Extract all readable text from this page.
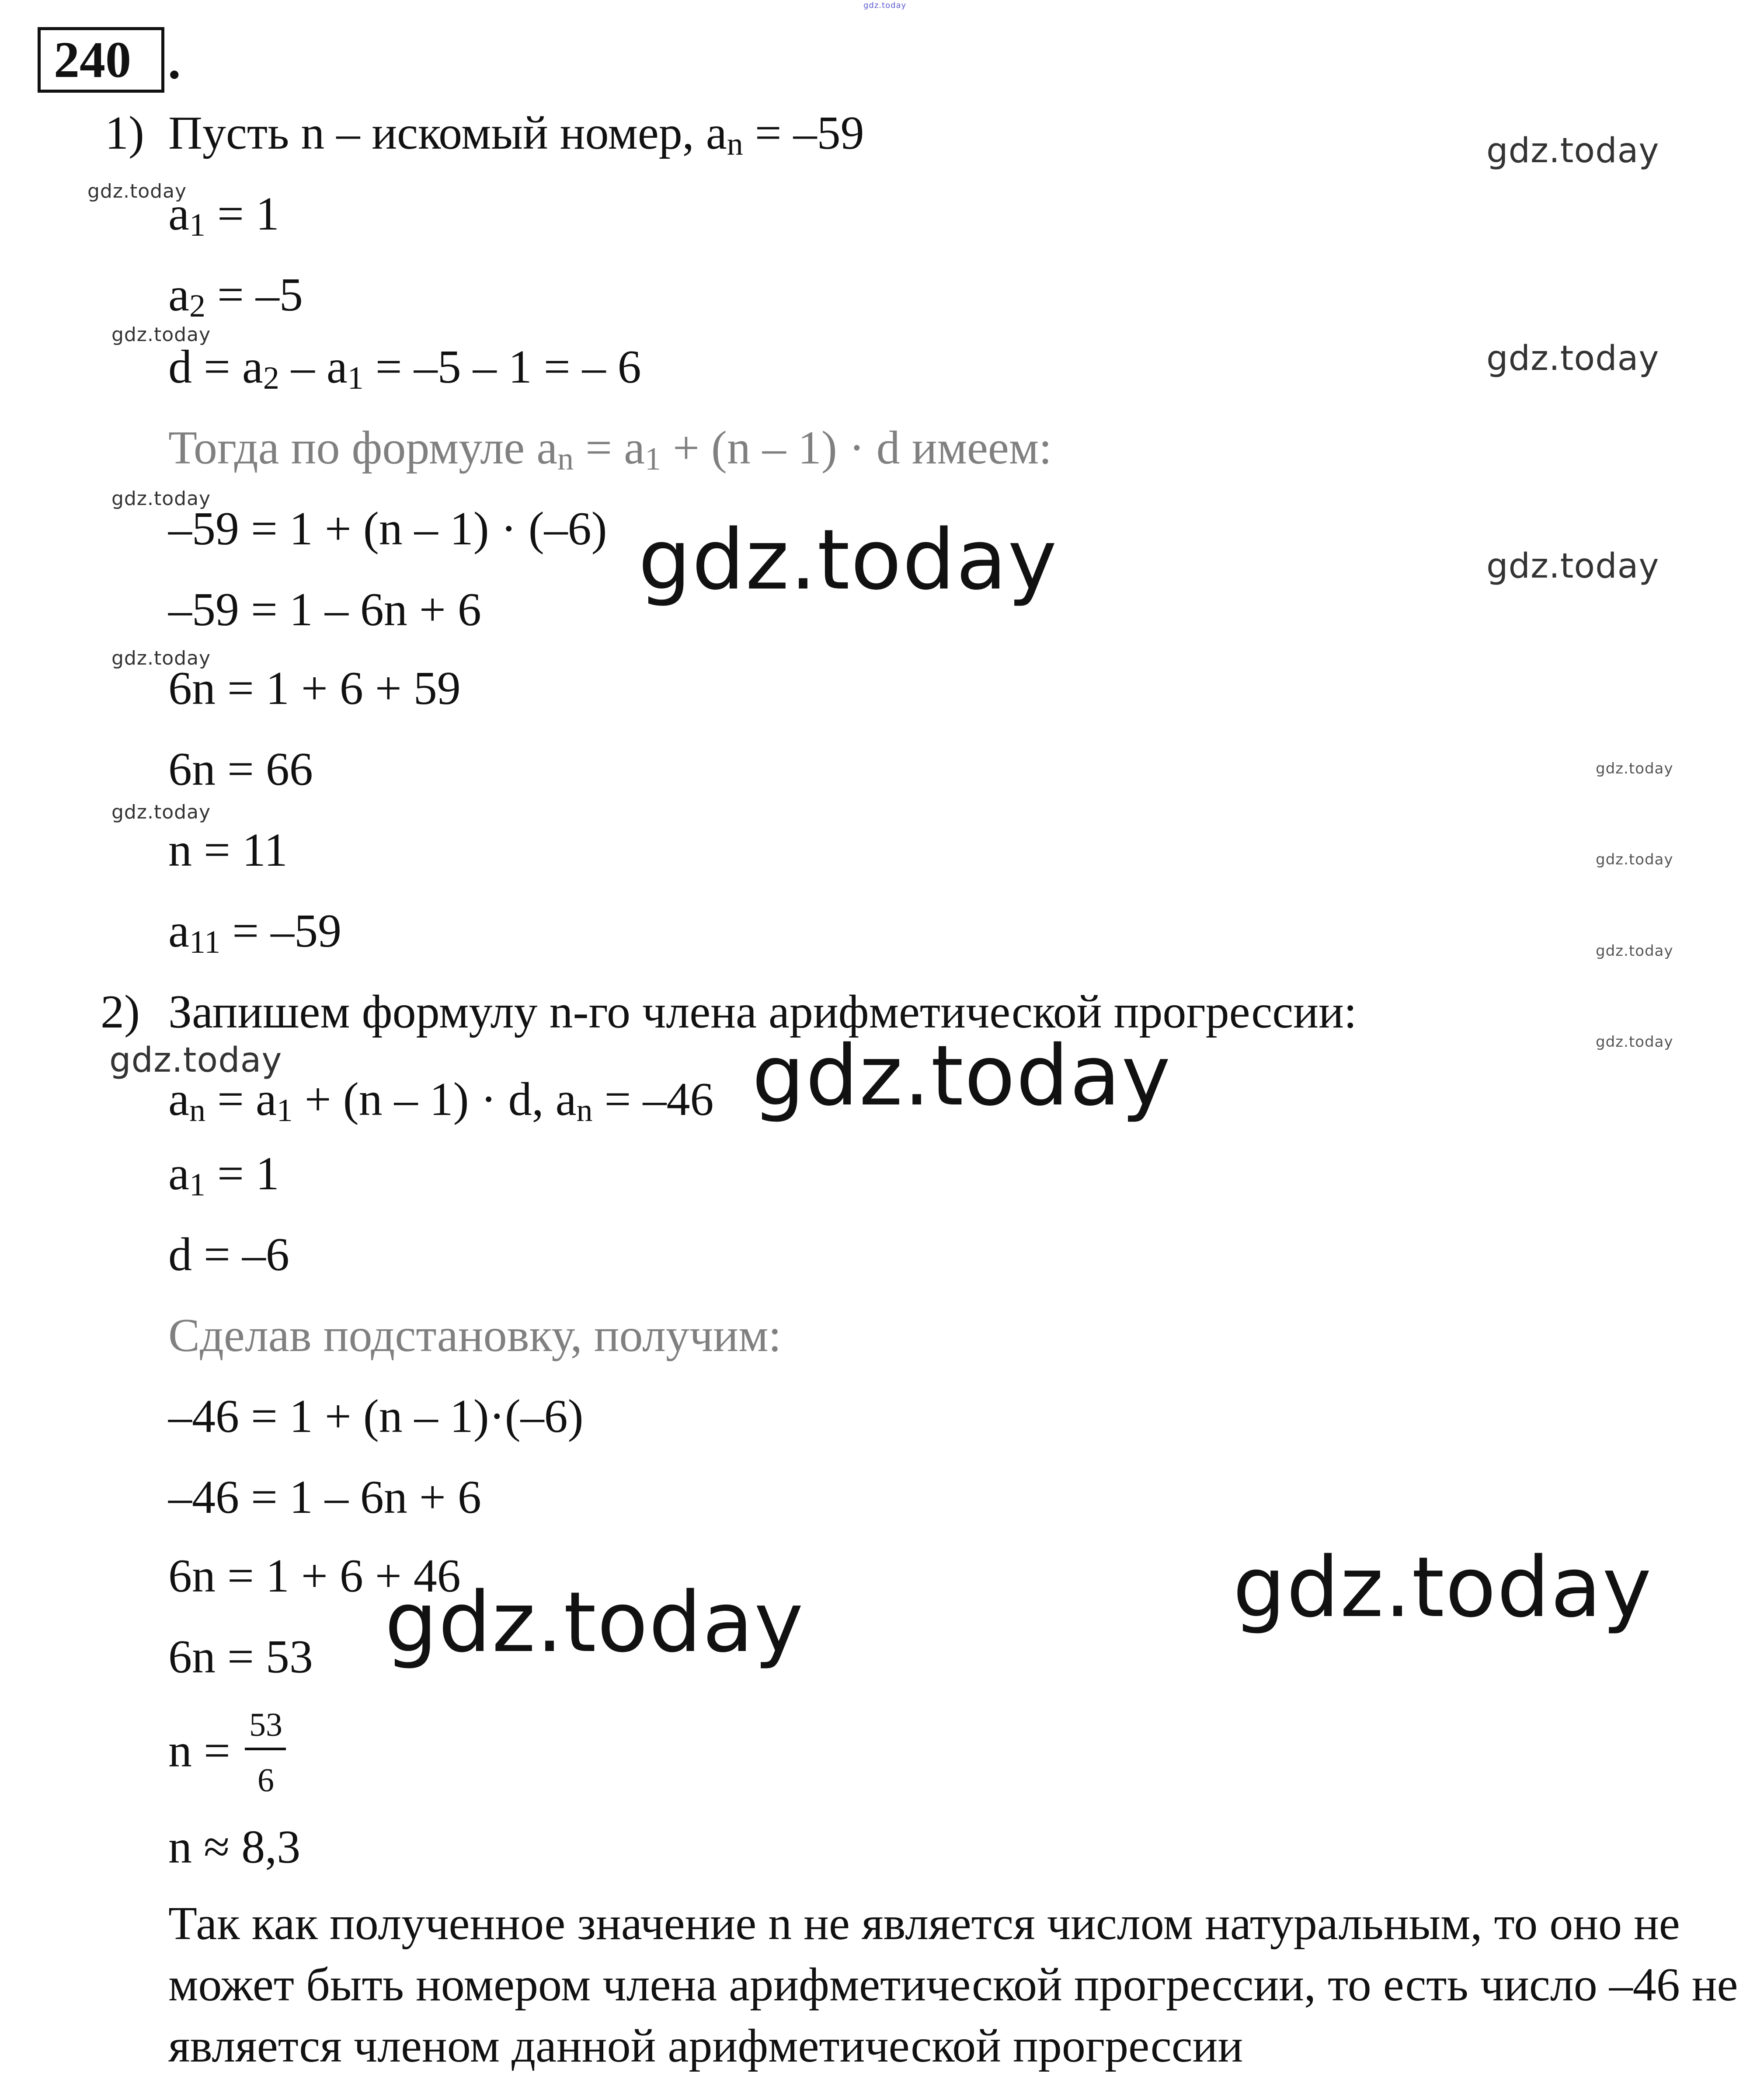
240 .
1) Пусть n – искомый номер, $a_n = -59$
$a_1 = 1$
$a_2 = -5$
$d = a_2 - a_1 = -5 - 1$ = – 6
Тогда по формуле $a_n = a_1 + (n - 1) \cdot d$ имеем:
–59 = 1 + (n – 1) · (–6)
–59 = 1 – 6n + 6
6n = 1 + 6 + 59
6n = 66
n = 11
$a_{11} = -59$
2) Запишем формулу n-го члена арифметической прогрессии:
$a_n = a_1 + (n - 1) \cdot d$, $a_n = -46$
$a_1 = 1$
d = –6
Сделав подстановку, получим:
–46 = 1 + (n – 1)·(–6)
–46 = 1 – 6n + 6
6n = 1 + 6 + 46
6n = 53
n = 53
6
n ≈ 8,3
Так как полученное значение n не является числом натуральным, то оно не может быть номером члена арифметической прогрессии, то есть число –46 не является членом данной арифметической прогрессии
gdz.today
gdz.today
gdz.today
gdz.today
gdz.today
gdz.today
gdz.today	gdz.today
gdz.today
gdz.today
gdz.today
gdz.today
gdz.today
gdz.today
gdz.today	gdz.today
gdz.today
gdz.today
